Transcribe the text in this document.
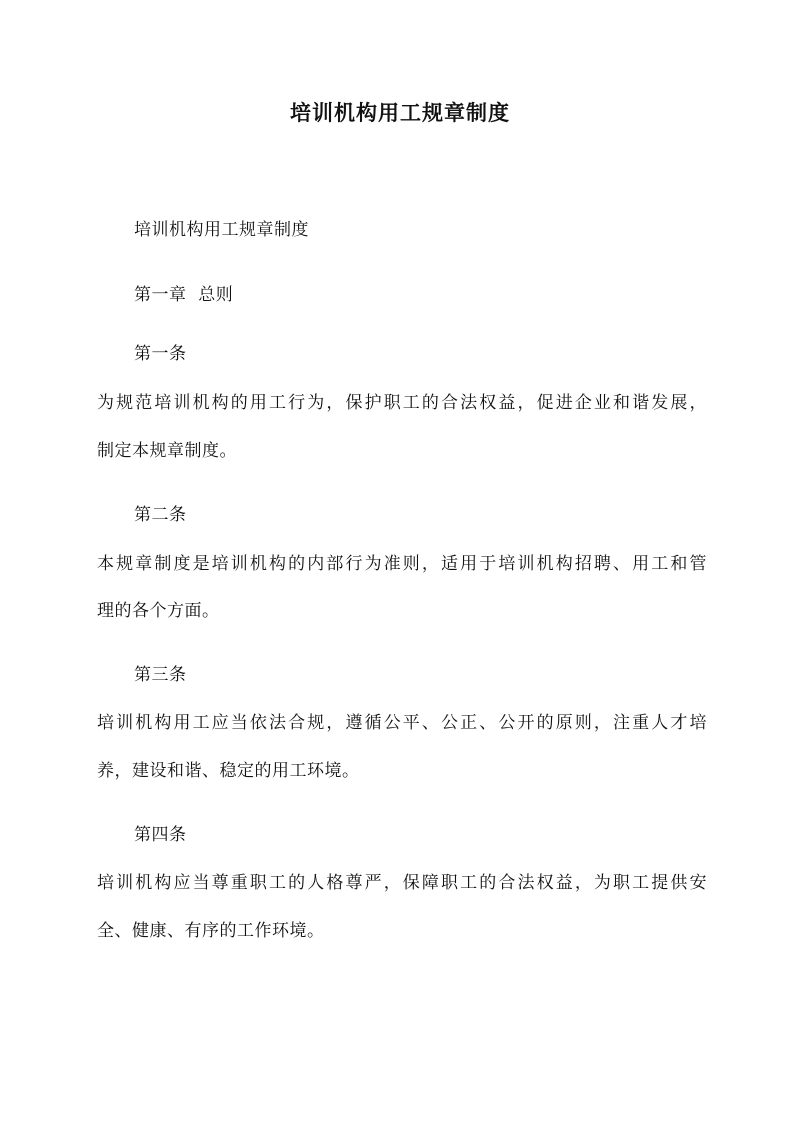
培训机构用工规章制度
培训机构用工规章制度
第一章  总则
第一条
为规范培训机构的用工行为，保护职工的合法权益，促进企业和谐发展，
制定本规章制度。
第二条
本规章制度是培训机构的内部行为准则，适用于培训机构招聘、用工和管
理的各个方面。
第三条
培训机构用工应当依法合规，遵循公平、公正、公开的原则，注重人才培
养，建设和谐、稳定的用工环境。
第四条
培训机构应当尊重职工的人格尊严，保障职工的合法权益，为职工提供安
全、健康、有序的工作环境。
